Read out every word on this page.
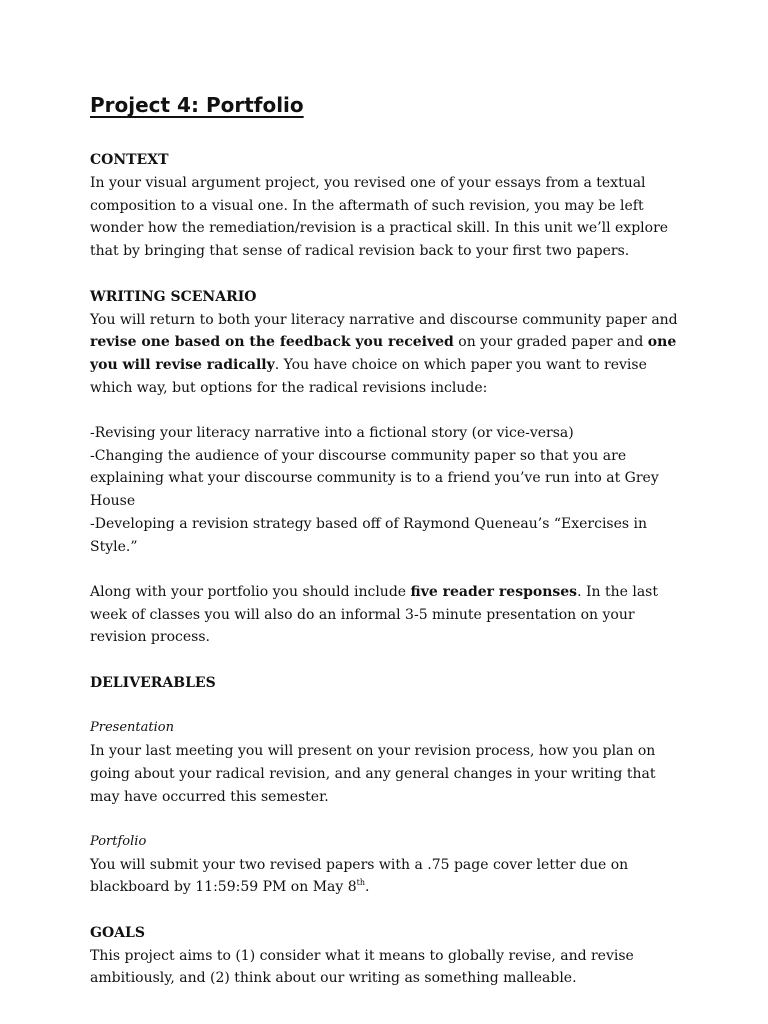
Project 4: Portfolio
CONTEXT

In your visual argument project, you revised one of your essays from a textual composition to a visual one. In the aftermath of such revision, you may be left wonder how the remediation/revision is a practical skill. In this unit we’ll explore that by bringing that sense of radical revision back to your first two papers.

WRITING SCENARIO

You will return to both your literacy narrative and discourse community paper and revise one based on the feedback you received on your graded paper and one you will revise radically. You have choice on which paper you want to revise which way, but options for the radical revisions include:

-Revising your literacy narrative into a fictional story (or vice-versa)

-Changing the audience of your discourse community paper so that you are explaining what your discourse community is to a friend you’ve run into at Grey House

-Developing a revision strategy based off of Raymond Queneau’s “Exercises in Style.”

Along with your portfolio you should include five reader responses. In the last week of classes you will also do an informal 3-5 minute presentation on your revision process.

DELIVERABLES

Presentation

In your last meeting you will present on your revision process, how you plan on going about your radical revision, and any general changes in your writing that may have occurred this semester.

Portfolio

You will submit your two revised papers with a .75 page cover letter due on blackboard by 11:59:59 PM on May 8th.

GOALS

This project aims to (1) consider what it means to globally revise, and revise ambitiously, and (2) think about our writing as something malleable.
